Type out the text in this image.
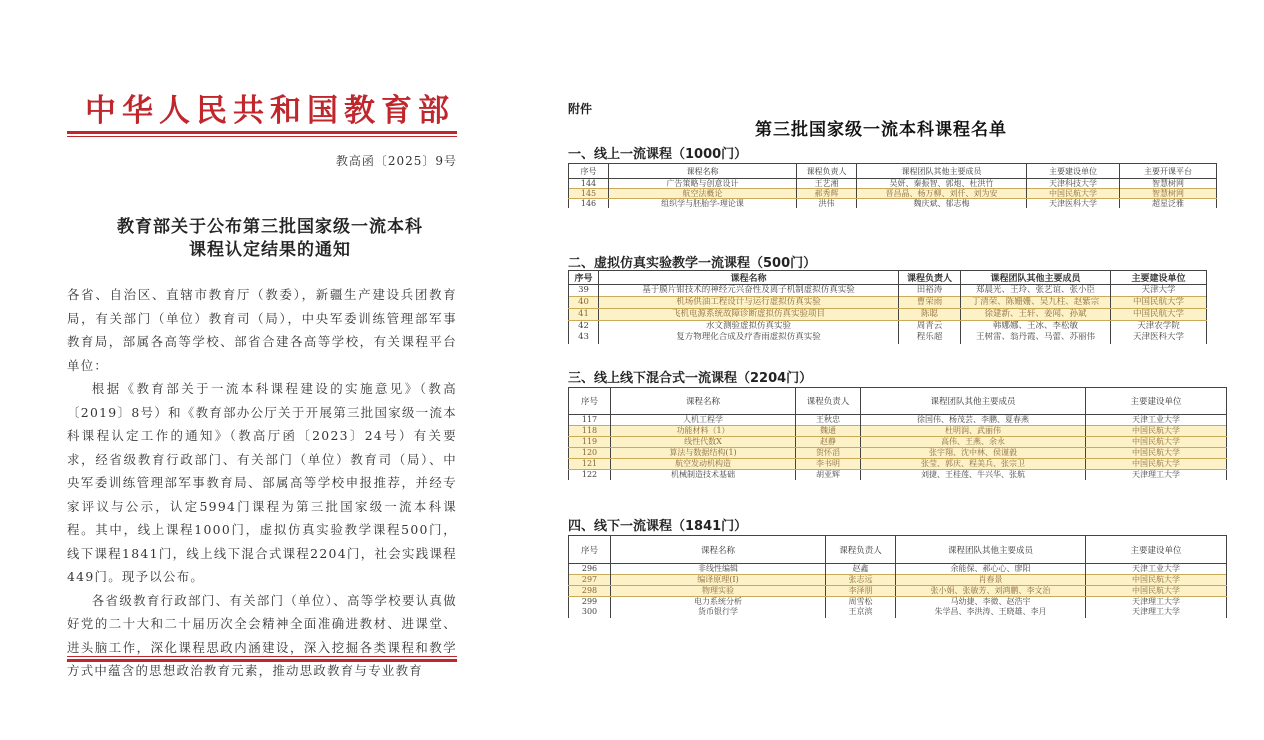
中华人民共和国教育部
教高函〔2025〕9号
教育部关于公布第三批国家级一流本科
课程认定结果的通知

各省、自治区、直辖市教育厅（教委），新疆生产建设兵团教育局，有关部门（单位）教育司（局），中央军委训练管理部军事教育局，部属各高等学校、部省合建各高等学校，有关课程平台单位：

根据《教育部关于一流本科课程建设的实施意见》（教高〔2019〕8号）和《教育部办公厅关于开展第三批国家级一流本科课程认定工作的通知》（教高厅函〔2023〕24号）有关要求，经省级教育行政部门、有关部门（单位）教育司（局）、中央军委训练管理部军事教育局、部属高等学校申报推荐，并经专家评议与公示，认定5994门课程为第三批国家级一流本科课程。其中，线上课程1000门，虚拟仿真实验教学课程500门，线下课程1841门，线上线下混合式课程2204门，社会实践课程449门。现予以公布。

各省级教育行政部门、有关部门（单位）、高等学校要认真做好党的二十大和二十届历次全会精神全面准确进教材、进课堂、进头脑工作，深化课程思政内涵建设，深入挖掘各类课程和教学方式中蕴含的思想政治教育元素，推动思政教育与专业教育

附件
第三批国家级一流本科课程名单
一、线上一流课程（1000门）
序号	课程名称	课程负责人	课程团队其他主要成员	主要建设单位	主要开课平台
144	广告策略与创意设计	王艺湘	吴妍、秦振智、郭炮、杜洪竹	天津科技大学	智慧树网
145	航空法概论	郝秀辉	晋昌晶、杨万柳、刘仟、刘为安	中国民航大学	智慧树网
146	组织学与胚胎学-理论课	洪伟	魏庆斌、郁志梅	天津医科大学	超星泛雅
二、虚拟仿真实验教学一流课程（500门）
序号	课程名称	课程负责人	课程团队其他主要成员	主要建设单位
39	基于膜片钳技术的神经元兴奋性及离子机制虚拟仿真实验	田裕涛	郑晨光、王玲、张艺谊、张小臣	天津大学
40	机场供油工程设计与运行虚拟仿真实验	曹荣雨	丁清荣、陈姗姗、吴九柱、赵紫宗	中国民航大学
41	飞机电源系统故障诊断虚拟仿真实验项目	陈聪	徐建新、王轩、姜闻、孙斌	中国民航大学
42	水文测验虚拟仿真实验	周青云	韩娜娜、王冰、李松敏	天津农学院
43	复方物理化合成及疗香雨虚拟仿真实验	程乐超	王树雷、翁丹霞、马蕾、苏丽伟	天津医科大学
三、线上线下混合式一流课程（2204门）
序号	课程名称	课程负责人	课程团队其他主要成员	主要建设单位
117	人机工程学	王秋忠	徐国伟、杨茂芸、李鹏、夏春燕	天津工业大学
118	功能材料（1）	魏通	杜明润、武丽伟	中国民航大学
119	线性代数X	赵静	高伟、王燕、余永	中国民航大学
120	算法与数据结构(1)	贺怀滔	张宇翔、沈中林、侯谨毅	中国民航大学
121	航空发动机构造	李书明	张莹、郭庆、程美兵、张宗卫	中国民航大学
122	机械制造技术基础	胡亚辉	刘捷、王桂莲、牛兴华、张航	天津理工大学
四、线下一流课程（1841门）
序号	课程名称	课程负责人	课程团队其他主要成员	主要建设单位
296	非线性编辑	赵鑫	余能保、郝心心、廖阳	天津工业大学
297	编译原理(I)	张志远	肖春景	中国民航大学
298	物理实验	李泽朋	张小娟、张敏芳、刘鸿鹏、李文治	中国民航大学
299	电力系统分析	周雪松	马幼捷、李微、赵浩宇	天津理工大学
300	货币银行学	王京滨	朱学昌、李洪涛、王晓雄、李月	天津理工大学
